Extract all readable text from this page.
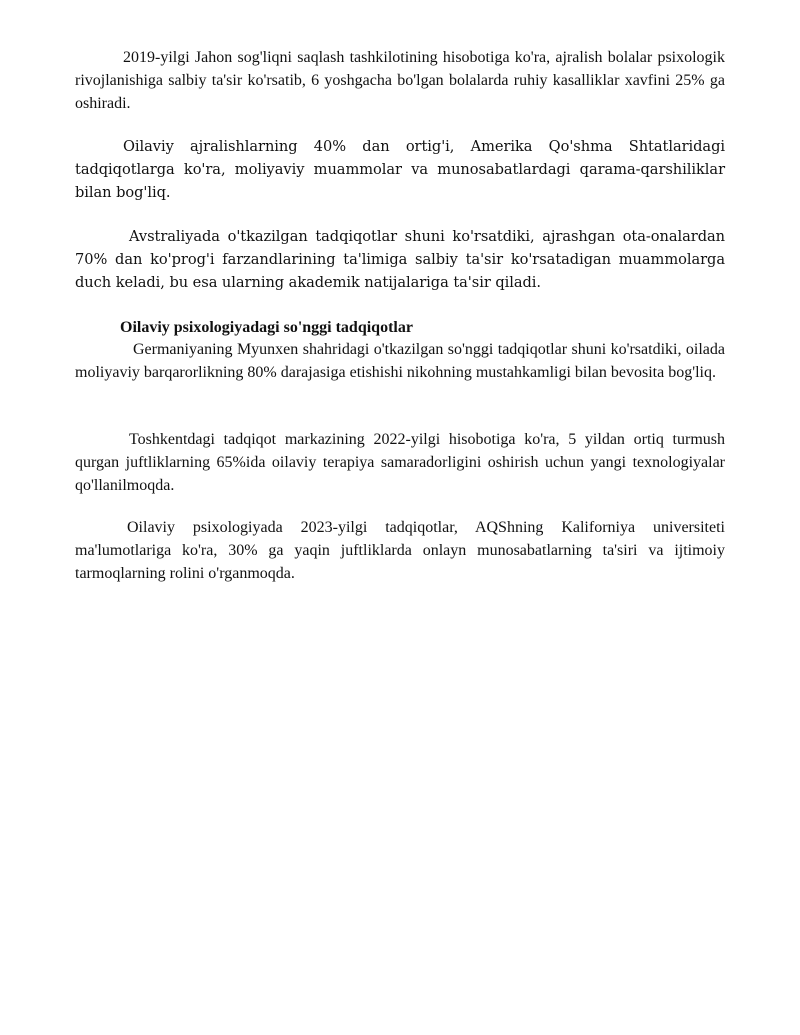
2019-yilgi Jahon sog'liqni saqlash tashkilotining hisobotiga ko'ra, ajralish bolalar psixologik rivojlanishiga salbiy ta'sir ko'rsatib, 6 yoshgacha bo'lgan bolalarda ruhiy kasalliklar xavfini 25% ga oshiradi.

Oilaviy ajralishlarning 40% dan ortig'i, Amerika Qo'shma Shtatlaridagi tadqiqotlarga ko'ra, moliyaviy muammolar va munosabatlardagi qarama-qarshiliklar bilan bog'liq.

Avstraliyada o'tkazilgan tadqiqotlar shuni ko'rsatdiki, ajrashgan ota-onalardan 70% dan ko'prog'i farzandlarining ta'limiga salbiy ta'sir ko'rsatadigan muammolarga duch keladi, bu esa ularning akademik natijalariga ta'sir qiladi.

Oilaviy psixologiyadagi so'nggi tadqiqotlar

Germaniyaning Myunxen shahridagi o'tkazilgan so'nggi tadqiqotlar shuni ko'rsatdiki, oilada moliyaviy barqarorlikning 80% darajasiga etishishi nikohning mustahkamligi bilan bevosita bog'liq.

Toshkentdagi tadqiqot markazining 2022-yilgi hisobotiga ko'ra, 5 yildan ortiq turmush qurgan juftliklarning 65%ida oilaviy terapiya samaradorligini oshirish uchun yangi texnologiyalar qo'llanilmoqda.

Oilaviy psixologiyada 2023-yilgi tadqiqotlar, AQShning Kaliforniya universiteti ma'lumotlariga ko'ra, 30% ga yaqin juftliklarda onlayn munosabatlarning ta'siri va ijtimoiy tarmoqlarning rolini o'rganmoqda.
